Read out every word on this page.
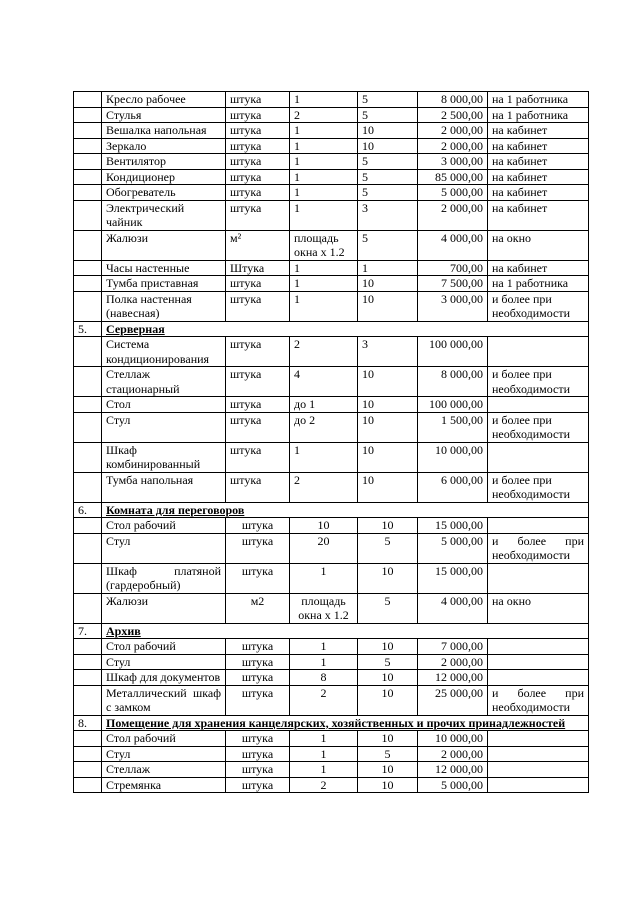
	Кресло рабочее	штука	1	5	8 000,00	на 1 работника
	Стулья	штука	2	5	2 500,00	на 1 работника
	Вешалка напольная	штука	1	10	2 000,00	на кабинет
	Зеркало	штука	1	10	2 000,00	на кабинет
	Вентилятор	штука	1	5	3 000,00	на кабинет
	Кондиционер	штука	1	5	85 000,00	на кабинет
	Обогреватель	штука	1	5	5 000,00	на кабинет
	Электрический чайник	штука	1	3	2 000,00	на кабинет
	Жалюзи	м²	площадь окна х 1.2	5	4 000,00	на окно
	Часы настенные	Штука	1	1	700,00	на кабинет
	Тумба приставная	штука	1	10	7 500,00	на 1 работника
	Полка настенная (навесная)	штука	1	10	3 000,00	и более при необходимости
5.	Серверная					
	Система кондиционирования	штука	2	3	100 000,00	
	Стеллаж стационарный	штука	4	10	8 000,00	и более при необходимости
	Стол	штука	до 1	10	100 000,00	
	Стул	штука	до 2	10	1 500,00	и более при необходимости
	Шкаф комбинированный	штука	1	10	10 000,00	
	Тумба напольная	штука	2	10	6 000,00	и более при необходимости
6.	Комната для переговоров					
	Стол рабочий	штука	10	10	15 000,00	
	Стул	штука	20	5	5 000,00	и более при необходимости
	Шкаф платяной (гардеробный)	штука	1	10	15 000,00	
	Жалюзи	м2	площадь окна х 1.2	5	4 000,00	на окно
7.	Архив					
	Стол рабочий	штука	1	10	7 000,00	
	Стул	штука	1	5	2 000,00	
	Шкаф для документов	штука	8	10	12 000,00	
	Металлический шкаф с замком	штука	2	10	25 000,00	и более при необходимости
8.	Помещение для хранения канцелярских, хозяйственных и прочих принадлежностей					
	Стол рабочий	штука	1	10	10 000,00	
	Стул	штука	1	5	2 000,00	
	Стеллаж	штука	1	10	12 000,00	
	Стремянка	штука	2	10	5 000,00	
